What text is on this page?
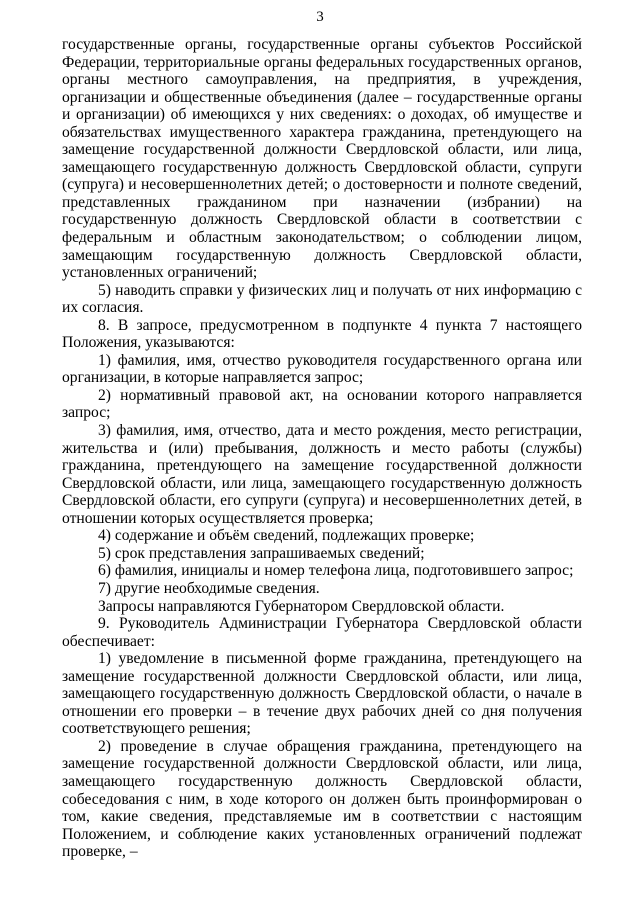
3

государственные органы, государственные органы субъектов Российской Федерации, территориальные органы федеральных государственных органов, органы местного самоуправления, на предприятия, в учреждения, организации и общественные объединения (далее – государственные органы и организации) об имеющихся у них сведениях: о доходах, об имуществе и обязательствах имущественного характера гражданина, претендующего на замещение государственной должности Свердловской области, или лица, замещающего государственную должность Свердловской области, супруги (супруга) и несовершеннолетних детей; о достоверности и полноте сведений, представленных гражданином при назначении (избрании) на государственную должность Свердловской области в соответствии с федеральным и областным законодательством; о соблюдении лицом, замещающим государственную должность Свердловской области, установленных ограничений;

5) наводить справки у физических лиц и получать от них информацию с их согласия.

8. В запросе, предусмотренном в подпункте 4 пункта 7 настоящего Положения, указываются:

1) фамилия, имя, отчество руководителя государственного органа или организации, в которые направляется запрос;

2) нормативный правовой акт, на основании которого направляется запрос;

3) фамилия, имя, отчество, дата и место рождения, место регистрации, жительства и (или) пребывания, должность и место работы (службы) гражданина, претендующего на замещение государственной должности Свердловской области, или лица, замещающего государственную должность Свердловской области, его супруги (супруга) и несовершеннолетних детей, в отношении которых осуществляется проверка;

4) содержание и объём сведений, подлежащих проверке;

5) срок представления запрашиваемых сведений;

6) фамилия, инициалы и номер телефона лица, подготовившего запрос;

7) другие необходимые сведения.

Запросы направляются Губернатором Свердловской области.

9. Руководитель Администрации Губернатора Свердловской области обеспечивает:

1) уведомление в письменной форме гражданина, претендующего на замещение государственной должности Свердловской области, или лица, замещающего государственную должность Свердловской области, о начале в отношении его проверки – в течение двух рабочих дней со дня получения соответствующего решения;

2) проведение в случае обращения гражданина, претендующего на замещение государственной должности Свердловской области, или лица, замещающего государственную должность Свердловской области, собеседования с ним, в ходе которого он должен быть проинформирован о том, какие сведения, представляемые им в соответствии с настоящим Положением, и соблюдение каких установленных ограничений подлежат проверке, –
